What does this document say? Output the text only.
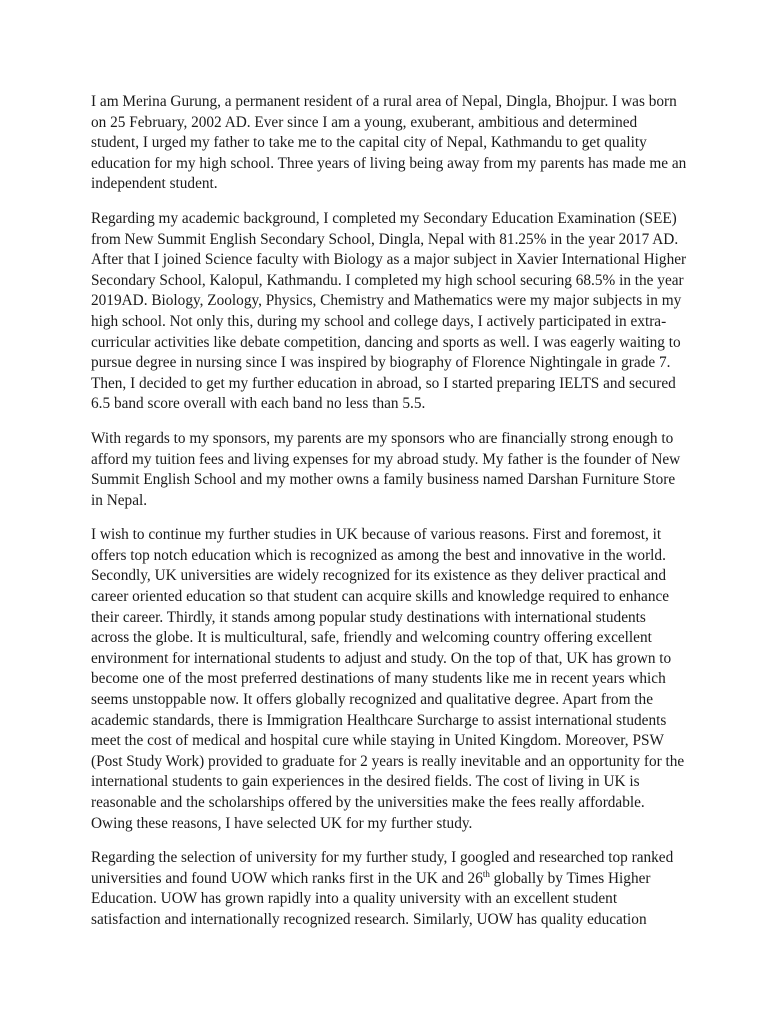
I am Merina Gurung, a permanent resident of a rural area of Nepal, Dingla, Bhojpur. I was born
on 25 February, 2002 AD. Ever since I am a young, exuberant, ambitious and determined
student, I urged my father to take me to the capital city of Nepal, Kathmandu to get quality
education for my high school. Three years of living being away from my parents has made me an
independent student.

Regarding my academic background, I completed my Secondary Education Examination (SEE)
from New Summit English Secondary School, Dingla, Nepal with 81.25% in the year 2017 AD.
After that I joined Science faculty with Biology as a major subject in Xavier International Higher
Secondary School, Kalopul, Kathmandu. I completed my high school securing 68.5% in the year
2019AD. Biology, Zoology, Physics, Chemistry and Mathematics were my major subjects in my
high school. Not only this, during my school and college days, I actively participated in extra-
curricular activities like debate competition, dancing and sports as well. I was eagerly waiting to
pursue degree in nursing since I was inspired by biography of Florence Nightingale in grade 7.
Then, I decided to get my further education in abroad, so I started preparing IELTS and secured
6.5 band score overall with each band no less than 5.5.

With regards to my sponsors, my parents are my sponsors who are financially strong enough to
afford my tuition fees and living expenses for my abroad study. My father is the founder of New
Summit English School and my mother owns a family business named Darshan Furniture Store
in Nepal.

I wish to continue my further studies in UK because of various reasons. First and foremost, it
offers top notch education which is recognized as among the best and innovative in the world.
Secondly, UK universities are widely recognized for its existence as they deliver practical and
career oriented education so that student can acquire skills and knowledge required to enhance
their career. Thirdly, it stands among popular study destinations with international students
across the globe. It is multicultural, safe, friendly and welcoming country offering excellent
environment for international students to adjust and study. On the top of that, UK has grown to
become one of the most preferred destinations of many students like me in recent years which
seems unstoppable now. It offers globally recognized and qualitative degree. Apart from the
academic standards, there is Immigration Healthcare Surcharge to assist international students
meet the cost of medical and hospital cure while staying in United Kingdom. Moreover, PSW
(Post Study Work) provided to graduate for 2 years is really inevitable and an opportunity for the
international students to gain experiences in the desired fields. The cost of living in UK is
reasonable and the scholarships offered by the universities make the fees really affordable.
Owing these reasons, I have selected UK for my further study.

Regarding the selection of university for my further study, I googled and researched top ranked
universities and found UOW which ranks first in the UK and 26th globally by Times Higher
Education. UOW has grown rapidly into a quality university with an excellent student
satisfaction and internationally recognized research. Similarly, UOW has quality education
